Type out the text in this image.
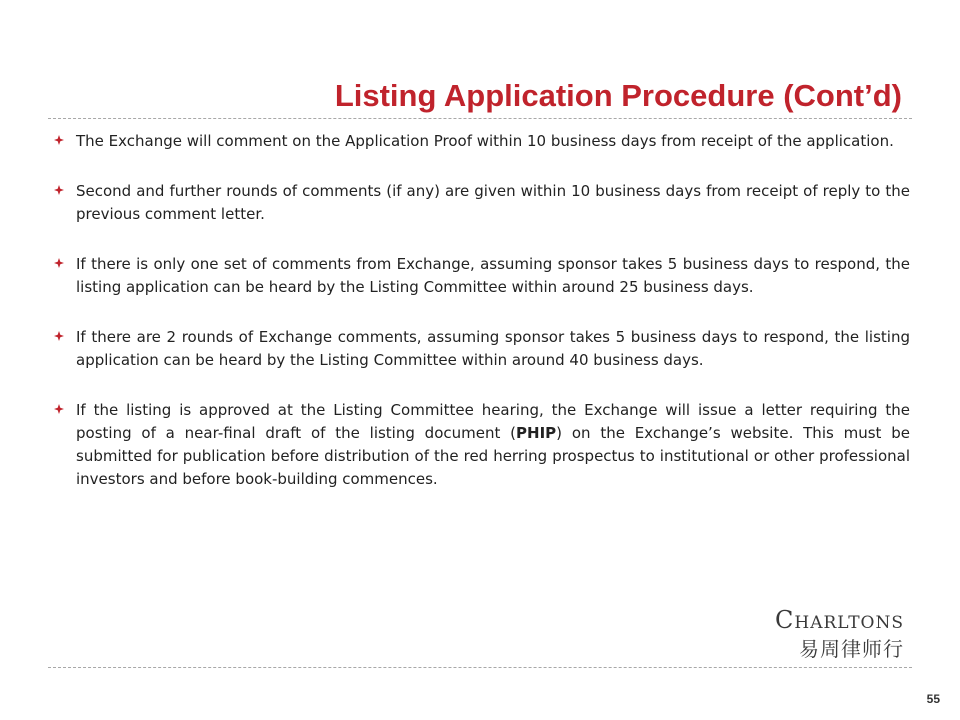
Listing Application Procedure (Cont’d)
The Exchange will comment on the Application Proof within 10 business days from receipt of the application.
Second and further rounds of comments (if any) are given within 10 business days from receipt of reply to the previous comment letter.
If there is only one set of comments from Exchange, assuming sponsor takes 5 business days to respond, the listing application can be heard by the Listing Committee within around 25 business days.
If there are 2 rounds of Exchange comments, assuming sponsor takes 5 business days to respond, the listing application can be heard by the Listing Committee within around 40 business days.
If the listing is approved at the Listing Committee hearing, the Exchange will issue a letter requiring the posting of a near-final draft of the listing document (PHIP) on the Exchange’s website. This must be submitted for publication before distribution of the red herring prospectus to institutional or other professional investors and before book-building commences.
Charltons
易周律师行
55
